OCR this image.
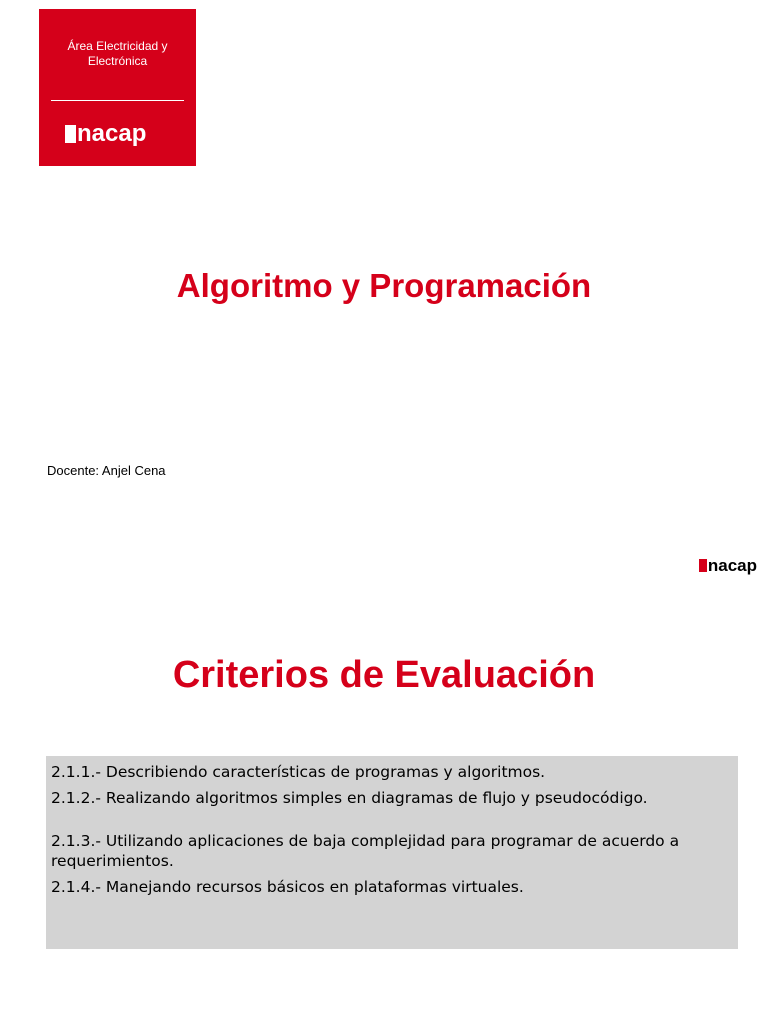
Área Electricidad y
Electrónica
nacap
Algoritmo y Programación

Docente: Anjel Cena

nacap
Criterios de Evaluación

2.1.1.- Describiendo características de programas y algoritmos.

2.1.2.- Realizando algoritmos simples en diagramas de flujo y pseudocódigo.

2.1.3.- Utilizando aplicaciones de baja complejidad para programar de acuerdo a requerimientos.

2.1.4.- Manejando recursos básicos en plataformas virtuales.
